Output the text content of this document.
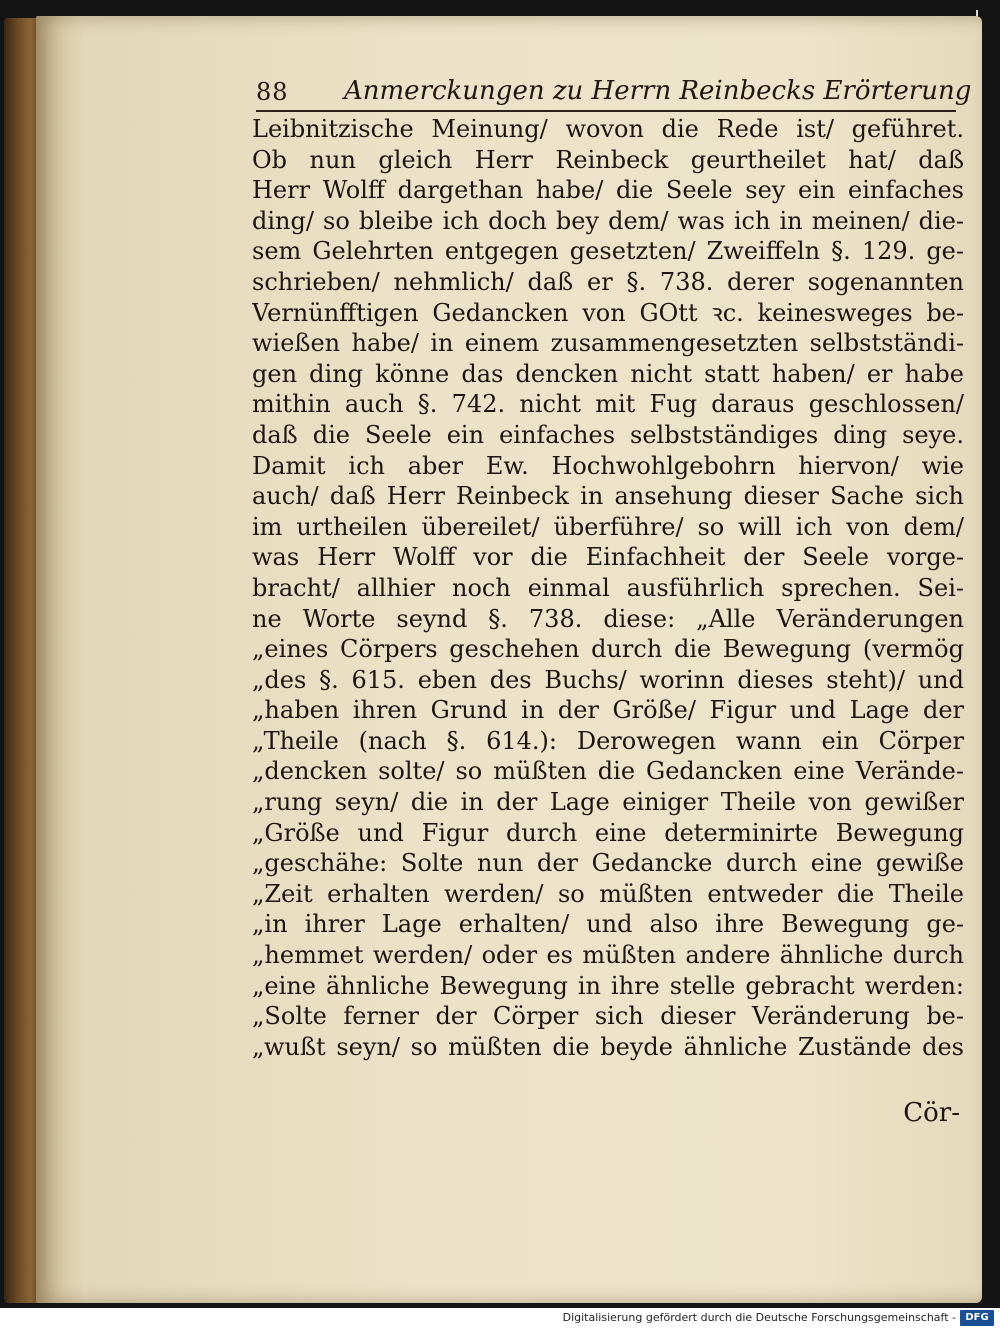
88 Anmerckungen zu Herrn Reinbecks Erörterung
Leibnitzische Meinung/ wovon die Rede ist/ geführet.
Ob nun gleich Herr Reinbeck geurtheilet hat/ daß
Herr Wolff dargethan habe/ die Seele sey ein einfaches
ding/ so bleibe ich doch bey dem/ was ich in meinen/ die-
sem Gelehrten entgegen gesetzten/ Zweiffeln §. 129. ge-
schrieben/ nehmlich/ daß er §. 738. derer sogenannten
Vernünfftigen Gedancken von GOtt ꝛc. keinesweges be-
wießen habe/ in einem zusammengesetzten selbstständi-
gen ding könne das dencken nicht statt haben/ er habe
mithin auch §. 742. nicht mit Fug daraus geschlossen/
daß die Seele ein einfaches selbstständiges ding seye.
Damit ich aber Ew. Hochwohlgebohrn hiervon/ wie
auch/ daß Herr Reinbeck in ansehung dieser Sache sich
im urtheilen übereilet/ überführe/ so will ich von dem/
was Herr Wolff vor die Einfachheit der Seele vorge-
bracht/ allhier noch einmal ausführlich sprechen. Sei-
ne Worte seynd §. 738. diese: „Alle Veränderungen
„eines Cörpers geschehen durch die Bewegung (vermög
„des §. 615. eben des Buchs/ worinn dieses steht)/ und
„haben ihren Grund in der Größe/ Figur und Lage der
„Theile (nach §. 614.): Derowegen wann ein Cörper
„dencken solte/ so müßten die Gedancken eine Verände-
„rung seyn/ die in der Lage einiger Theile von gewißer
„Größe und Figur durch eine determinirte Bewegung
„geschähe: Solte nun der Gedancke durch eine gewiße
„Zeit erhalten werden/ so müßten entweder die Theile
„in ihrer Lage erhalten/ und also ihre Bewegung ge-
„hemmet werden/ oder es müßten andere ähnliche durch
„eine ähnliche Bewegung in ihre stelle gebracht werden:
„Solte ferner der Cörper sich dieser Veränderung be-
„wußt seyn/ so müßten die beyde ähnliche Zustände des
Cör-
Digitalisierung gefördert durch die Deutsche Forschungsgemeinschaft - DFG
